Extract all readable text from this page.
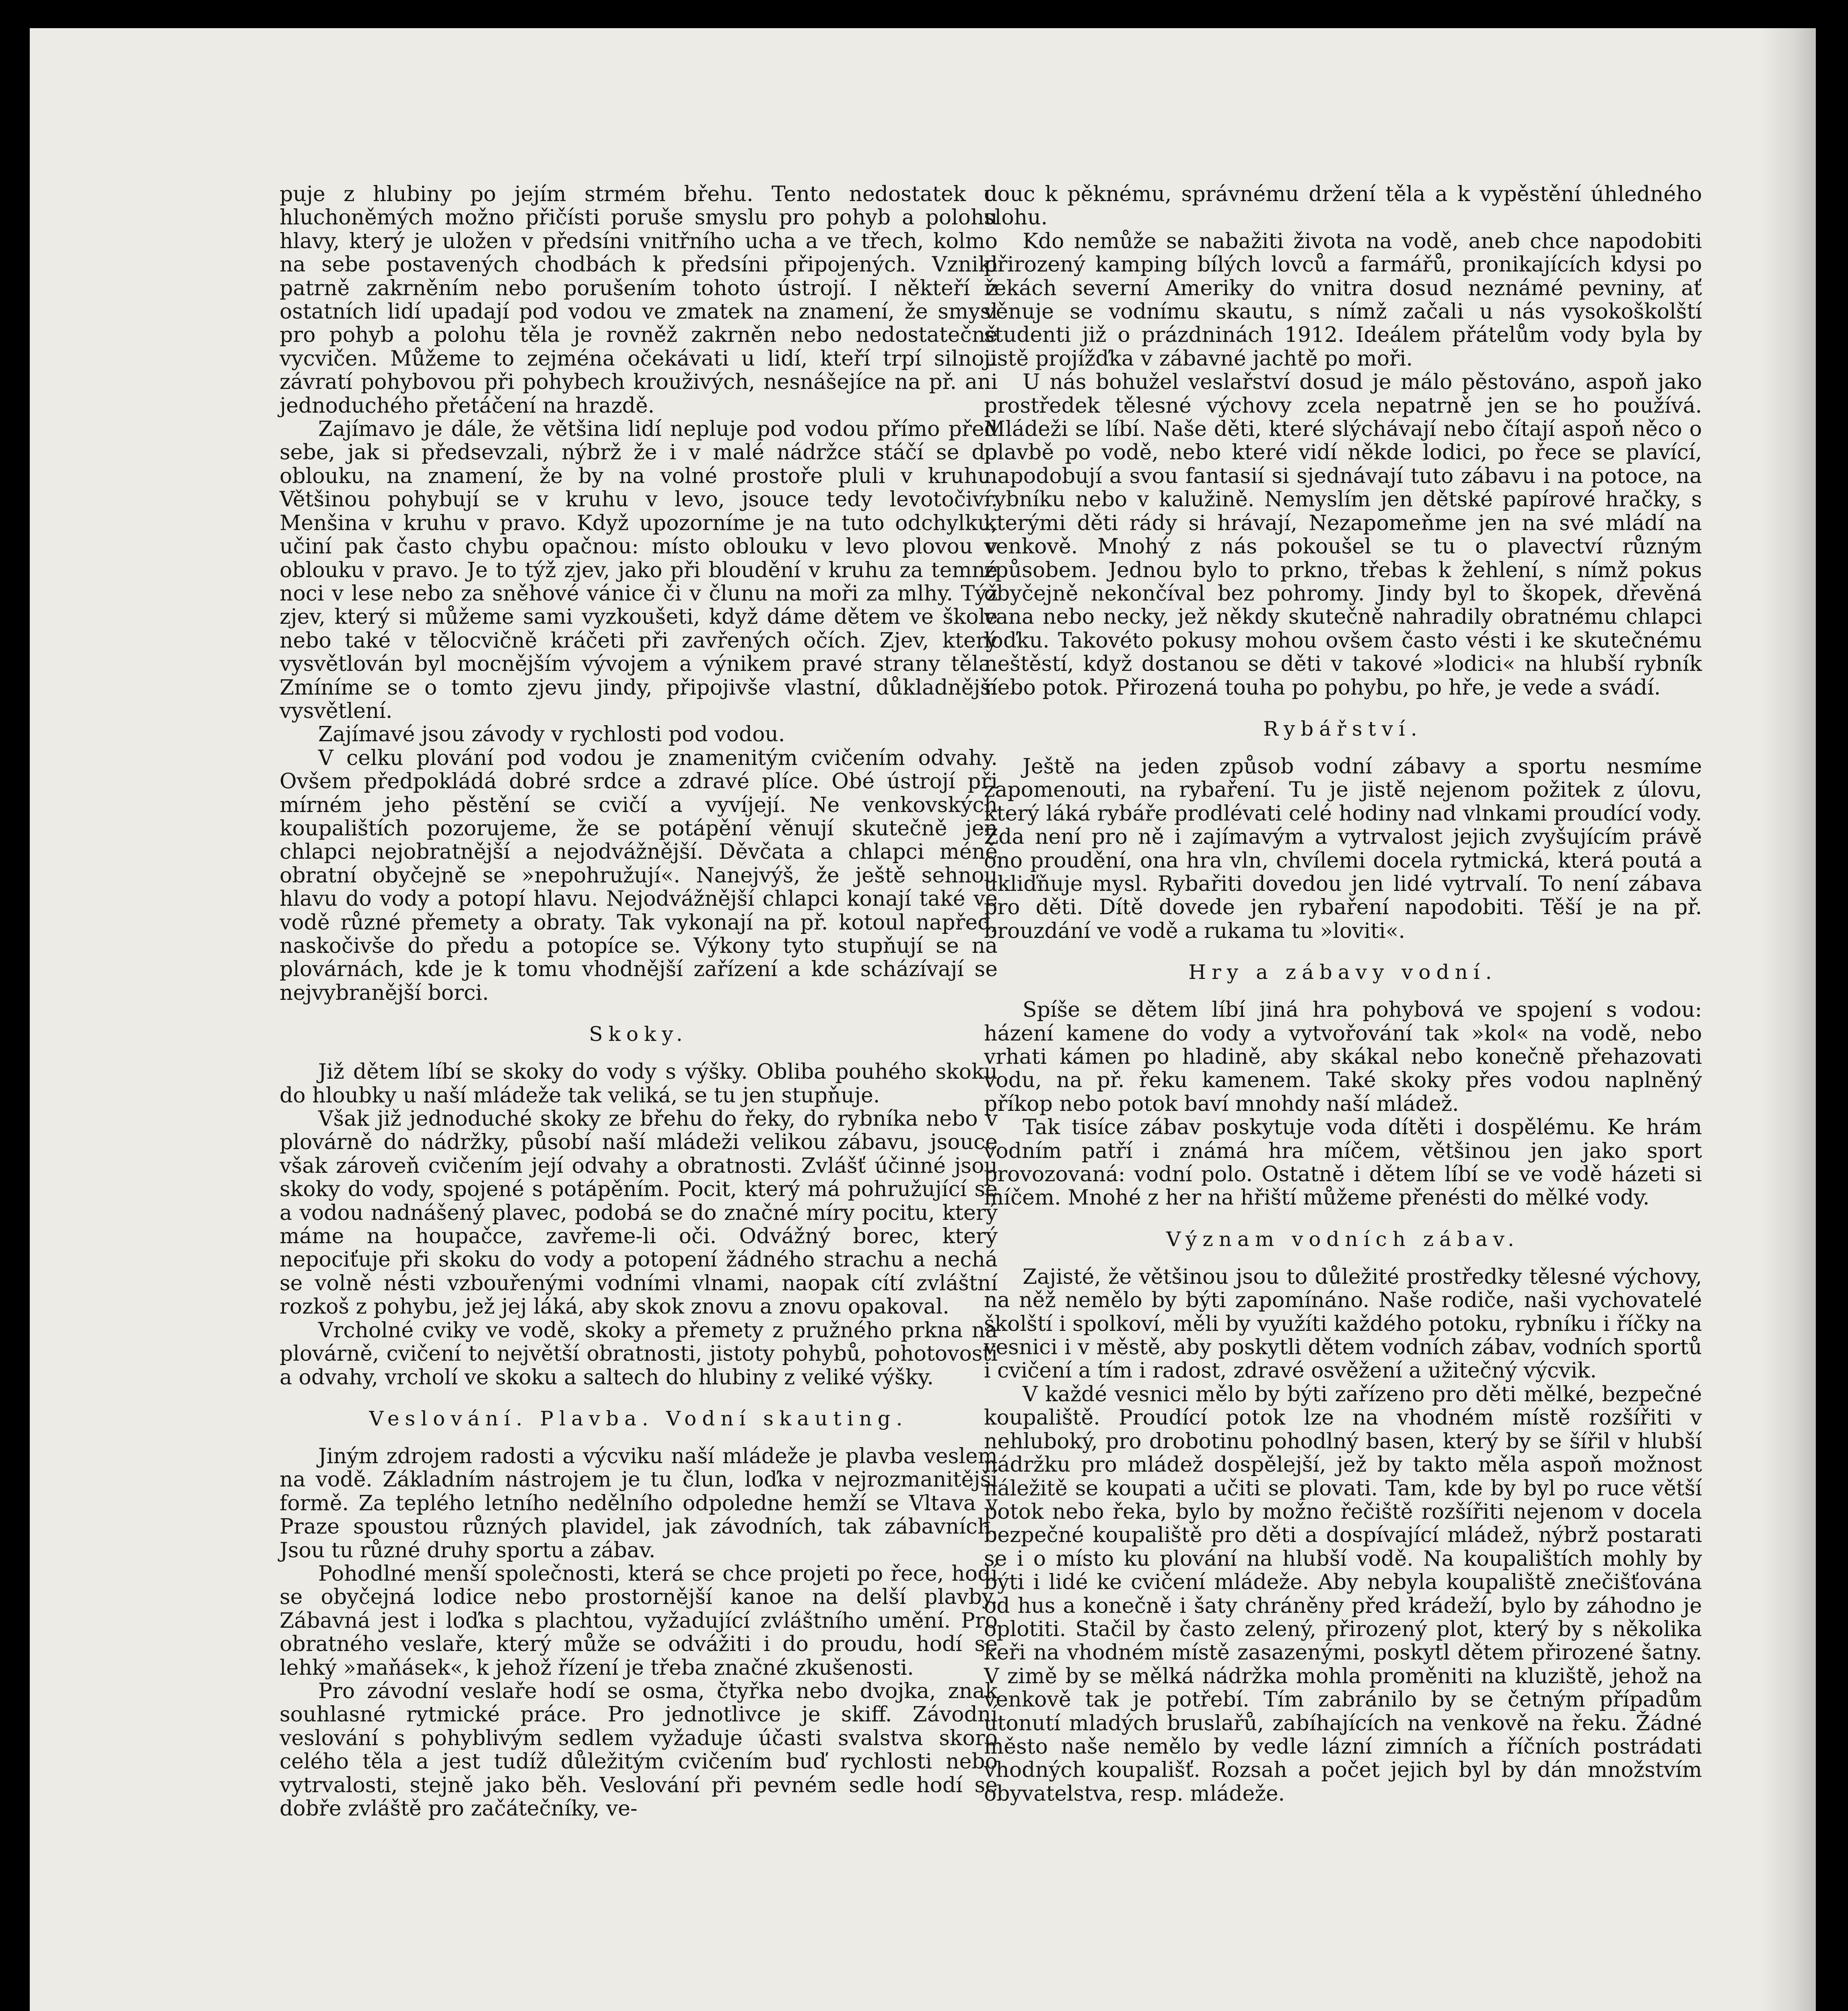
puje z hlubiny po jejím strmém břehu. Tento nedostatek u hluchoněmých možno přičísti poruše smyslu pro pohyb a polohu hlavy, který je uložen v předsíni vnitřního ucha a ve třech, kolmo na sebe postavených chodbách k předsíni připojených. Vznikl patrně zakrněním nebo porušením tohoto ústrojí. I někteří z ostatních lidí upadají pod vodou ve zmatek na znamení, že smysl pro pohyb a polohu těla je rovněž zakrněn nebo nedostatečně vycvičen. Můžeme to zejména očekávati u lidí, kteří trpí silnou závratí pohybovou při pohybech krouživých, nesnášejíce na př. ani jednoduchého přetáčení na hrazdě.

Zajímavo je dále, že většina lidí nepluje pod vodou přímo před sebe, jak si předsevzali, nýbrž že i v malé nádržce stáčí se do oblouku, na znamení, že by na volné prostoře pluli v kruhu. Většinou pohybují se v kruhu v levo, jsouce tedy levotočiví. Menšina v kruhu v pravo. Když upozorníme je na tuto odchylku, učiní pak často chybu opačnou: místo oblouku v levo plovou v oblouku v pravo. Je to týž zjev, jako při bloudění v kruhu za temné noci v lese nebo za sněhové vánice či v člunu na moři za mlhy. Týž zjev, který si můžeme sami vyzkoušeti, když dáme dětem ve škole nebo také v tělocvičně kráčeti při zavřených očích. Zjev, který vysvětlován byl mocnějším vývojem a výnikem pravé strany těla. Zmíníme se o tomto zjevu jindy, připojivše vlastní, důkladnější vysvětlení.

Zajímavé jsou závody v rychlosti pod vodou.

V celku plování pod vodou je znamenitým cvičením odvahy. Ovšem předpokládá dobré srdce a zdravé plíce. Obé ústrojí při mírném jeho pěstění se cvičí a vyvíjejí. Ne venkovských koupalištích pozorujeme, že se potápění věnují skutečně jen chlapci nejobratnější a nejodvážnější. Děvčata a chlapci méně obratní obyčejně se »nepohružují«. Nanejvýš, že ještě sehnou hlavu do vody a potopí hlavu. Nejodvážnější chlapci konají také ve vodě různé přemety a obraty. Tak vykonají na př. kotoul napřed, naskočivše do předu a potopíce se. Výkony tyto stupňují se na plovárnách, kde je k tomu vhodnější zařízení a kde scházívají se nejvybranější borci.

Skoky.

Již dětem líbí se skoky do vody s výšky. Obliba pouhého skoku do hloubky u naší mládeže tak veliká, se tu jen stupňuje.

Však již jednoduché skoky ze břehu do řeky, do rybníka nebo v plovárně do nádržky, působí naší mládeži velikou zábavu, jsouce však zároveň cvičením její odvahy a obratnosti. Zvlášť účinné jsou skoky do vody, spojené s potápěním. Pocit, který má pohružující se a vodou nadnášený plavec, podobá se do značné míry pocitu, který máme na houpačce, zavřeme-li oči. Odvážný borec, který nepociťuje při skoku do vody a potopení žádného strachu a nechá se volně nésti vzbouřenými vodními vlnami, naopak cítí zvláštní rozkoš z pohybu, jež jej láká, aby skok znovu a znovu opakoval.

Vrcholné cviky ve vodě, skoky a přemety z pružného prkna na plovárně, cvičení to největší obratnosti, jistoty pohybů, pohotovosti a odvahy, vrcholí ve skoku a saltech do hlubiny z veliké výšky.

Veslování. Plavba. Vodní skauting.

Jiným zdrojem radosti a výcviku naší mládeže je plavba veslem na vodě. Základním nástrojem je tu člun, loďka v nejrozmanitější formě. Za teplého letního nedělního odpoledne hemží se Vltava v Praze spoustou různých plavidel, jak závodních, tak zábavních. Jsou tu různé druhy sportu a zábav.

Pohodlné menší společnosti, která se chce projeti po řece, hodí se obyčejná lodice nebo prostornější kanoe na delší plavby. Zábavná jest i loďka s plachtou, vyžadující zvláštního umění. Pro obratného veslaře, který může se odvážiti i do proudu, hodí se lehký »maňásek«, k jehož řízení je třeba značné zkušenosti.

Pro závodní veslaře hodí se osma, čtyřka nebo dvojka, znak souhlasné rytmické práce. Pro jednotlivce je skiff. Závodní veslování s pohyblivým sedlem vyžaduje účasti svalstva skoro celého těla a jest tudíž důležitým cvičením buď rychlosti nebo vytrvalosti, stejně jako běh. Veslování při pevném sedle hodí se dobře zvláště pro začátečníky, ve-

douc k pěknému, správnému držení těla a k vypěstění úhledného slohu.

Kdo nemůže se nabažiti života na vodě, aneb chce napodobiti přirozený kamping bílých lovců a farmářů, pronikajících kdysi po řekách severní Ameriky do vnitra dosud neznámé pevniny, ať věnuje se vodnímu skautu, s nímž začali u nás vysokoškolští studenti již o prázdninách 1912. Ideálem přátelům vody byla by jistě projížďka v zábavné jachtě po moři.

U nás bohužel veslařství dosud je málo pěstováno, aspoň jako prostředek tělesné výchovy zcela nepatrně jen se ho používá. Mládeži se líbí. Naše děti, které slýchávají nebo čítají aspoň něco o plavbě po vodě, nebo které vidí někde lodici, po řece se plavící, napodobují a svou fantasií si sjednávají tuto zábavu i na potoce, na rybníku nebo v kalužině. Nemyslím jen dětské papírové hračky, s kterými děti rády si hrávají, Nezapomeňme jen na své mládí na venkově. Mnohý z nás pokoušel se tu o plavectví různým způsobem. Jednou bylo to prkno, třebas k žehlení, s nímž pokus obyčejně nekončíval bez pohromy. Jindy byl to škopek, dřevěná vana nebo necky, jež někdy skutečně nahradily obratnému chlapci loďku. Takovéto pokusy mohou ovšem často vésti i ke skutečnému neštěstí, když dostanou se děti v takové »lodici« na hlubší rybník nebo potok. Přirozená touha po pohybu, po hře, je vede a svádí.

Rybářství.

Ještě na jeden způsob vodní zábavy a sportu nesmíme zapomenouti, na rybaření. Tu je jistě nejenom požitek z úlovu, který láká rybáře prodlévati celé hodiny nad vlnkami proudící vody. Zda není pro ně i zajímavým a vytrvalost jejich zvyšujícím právě ono proudění, ona hra vln, chvílemi docela rytmická, která poutá a ukliďňuje mysl. Rybařiti dovedou jen lidé vytrvalí. To není zábava pro děti. Dítě dovede jen rybaření napodobiti. Těší je na př. brouzdání ve vodě a rukama tu »loviti«.

Hry a zábavy vodní.

Spíše se dětem líbí jiná hra pohybová ve spojení s vodou: házení kamene do vody a vytvořování tak »kol« na vodě, nebo vrhati kámen po hladině, aby skákal nebo konečně přehazovati vodu, na př. řeku kamenem. Také skoky přes vodou naplněný příkop nebo potok baví mnohdy naší mládež.

Tak tisíce zábav poskytuje voda dítěti i dospělému. Ke hrám vodním patří i známá hra míčem, většinou jen jako sport provozovaná: vodní polo. Ostatně i dětem líbí se ve vodě házeti si míčem. Mnohé z her na hřiští můžeme přenésti do mělké vody.

Význam vodních zábav.

Zajisté, že většinou jsou to důležité prostředky tělesné výchovy, na něž nemělo by býti zapomínáno. Naše rodiče, naši vychovatelé školští i spolkoví, měli by využíti každého potoku, rybníku i říčky na vesnici i v městě, aby poskytli dětem vodních zábav, vodních sportů i cvičení a tím i radost, zdravé osvěžení a užitečný výcvik.

V každé vesnici mělo by býti zařízeno pro děti mělké, bezpečné koupaliště. Proudící potok lze na vhodném místě rozšířiti v nehluboký, pro drobotinu pohodlný basen, který by se šířil v hlubší nádržku pro mládež dospělejší, jež by takto měla aspoň možnost náležitě se koupati a učiti se plovati. Tam, kde by byl po ruce větší potok nebo řeka, bylo by možno řečiště rozšířiti nejenom v docela bezpečné koupaliště pro děti a dospívající mládež, nýbrž postarati se i o místo ku plování na hlubší vodě. Na koupalištích mohly by býti i lidé ke cvičení mládeže. Aby nebyla koupaliště znečišťována od hus a konečně i šaty chráněny před krádeží, bylo by záhodno je oplotiti. Stačil by často zelený, přirozený plot, který by s několika keři na vhodném místě zasazenými, poskytl dětem přirozené šatny. V zimě by se mělká nádržka mohla proměniti na kluziště, jehož na venkově tak je potřebí. Tím zabránilo by se četným případům utonutí mladých bruslařů, zabíhajících na venkově na řeku. Žádné město naše nemělo by vedle lázní zimních a říčních postrádati vhodných koupališť. Rozsah a počet jejich byl by dán množstvím obyvatelstva, resp. mládeže.
